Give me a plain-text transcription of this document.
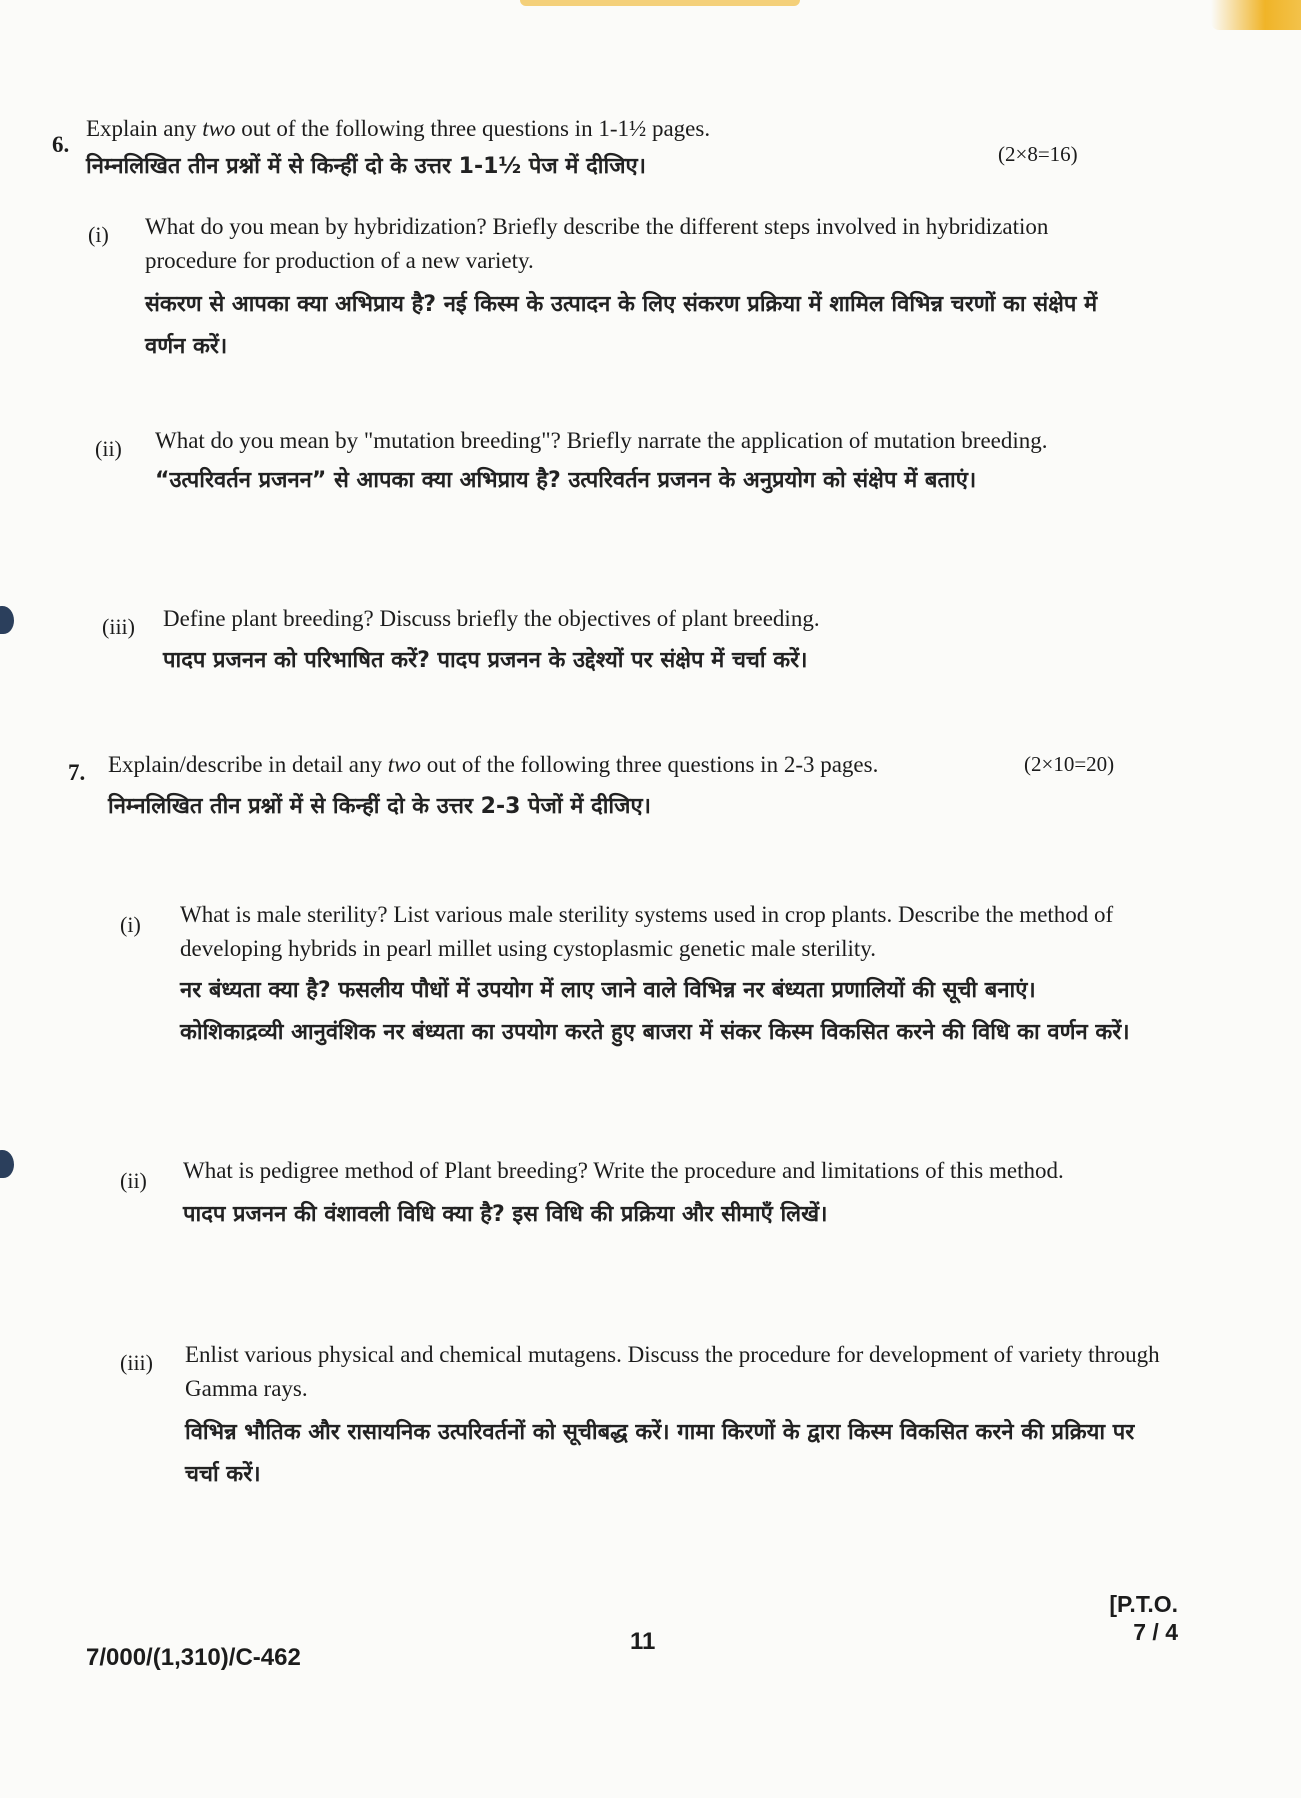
6.
Explain any two out of the following three questions in 1-1½ pages.
निम्नलिखित तीन प्रश्नों में से किन्हीं दो के उत्तर 1-1½ पेज में दीजिए।	(2×8=16)
(i) What do you mean by hybridization? Briefly describe the different steps involved in hybridization procedure for production of a new variety.
संकरण से आपका क्या अभिप्राय है? नई किस्म के उत्पादन के लिए संकरण प्रक्रिया में शामिल विभिन्न चरणों का संक्षेप में वर्णन करें।
(ii) What do you mean by "mutation breeding"? Briefly narrate the application of mutation breeding.
“उत्परिवर्तन प्रजनन” से आपका क्या अभिप्राय है? उत्परिवर्तन प्रजनन के अनुप्रयोग को संक्षेप में बताएं।
(iii) Define plant breeding? Discuss briefly the objectives of plant breeding.
पादप प्रजनन को परिभाषित करें? पादप प्रजनन के उद्देश्यों पर संक्षेप में चर्चा करें।
7. Explain/describe in detail any two out of the following three questions in 2-3 pages.
निम्नलिखित तीन प्रश्नों में से किन्हीं दो के उत्तर 2-3 पेजों में दीजिए।
(2×10=20)
(i) What is male sterility? List various male sterility systems used in crop plants. Describe the method of developing hybrids in pearl millet using cystoplasmic genetic male sterility.
नर बंध्यता क्या है? फसलीय पौधों में उपयोग में लाए जाने वाले विभिन्न नर बंध्यता प्रणालियों की सूची बनाएं। कोशिकाद्रव्यी आनुवंशिक नर बंध्यता का उपयोग करते हुए बाजरा में संकर किस्म विकसित करने की विधि का वर्णन करें।
(ii) What is pedigree method of Plant breeding? Write the procedure and limitations of this method.
पादप प्रजनन की वंशावली विधि क्या है? इस विधि की प्रक्रिया और सीमाएँ लिखें।
(iii) Enlist various physical and chemical mutagens. Discuss the procedure for development of variety through Gamma rays.
विभिन्न भौतिक और रासायनिक उत्परिवर्तनों को सूचीबद्ध करें। गामा किरणों के द्वारा किस्म विकसित करने की प्रक्रिया पर चर्चा करें।
7/000/(1,310)/C-462
11
[P.T.O.
7 / 4
